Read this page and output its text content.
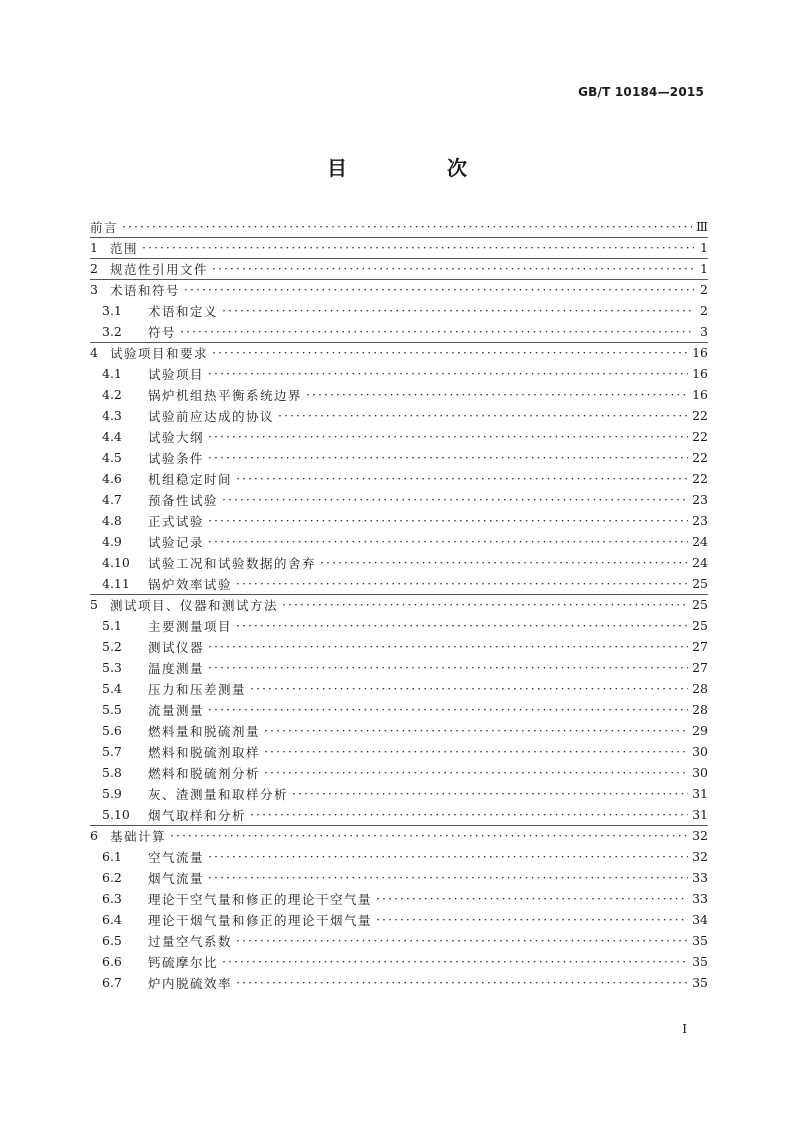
GB/T 10184—2015
目　次
前言 ·····	Ⅲ
1 范围 ·····	1
2 规范性引用文件 ·····	1
3 术语和符号 ·····	2
3.1	术语和定义 ·····	2
3.2	符号 ·····	3
4 试验项目和要求 ·····	16
4.1	试验项目 ·····	16
4.2	锅炉机组热平衡系统边界 ·····	16
4.3	试验前应达成的协议 ·····	22
4.4	试验大纲 ·····	22
4.5	试验条件 ·····	22
4.6	机组稳定时间 ·····	22
4.7	预备性试验 ·····	23
4.8	正式试验 ·····	23
4.9	试验记录 ·····	24
4.10	试验工况和试验数据的舍弃 ·····	24
4.11	锅炉效率试验 ·····	25
5 测试项目、仪器和测试方法 ·····	25
5.1	主要测量项目 ·····	25
5.2	测试仪器 ·····	27
5.3	温度测量 ·····	27
5.4	压力和压差测量 ·····	28
5.5	流量测量 ·····	28
5.6	燃料量和脱硫剂量 ·····	29
5.7	燃料和脱硫剂取样 ·····	30
5.8	燃料和脱硫剂分析 ·····	30
5.9	灰、渣测量和取样分析 ·····	31
5.10	烟气取样和分析 ·····	31
6 基础计算 ·····	32
6.1	空气流量 ·····	32
6.2	烟气流量 ·····	33
6.3	理论干空气量和修正的理论干空气量 ·····	33
6.4	理论干烟气量和修正的理论干烟气量 ·····	34
6.5	过量空气系数 ·····	35
6.6	钙硫摩尔比 ·····	35
6.7	炉内脱硫效率 ·····	35
I
